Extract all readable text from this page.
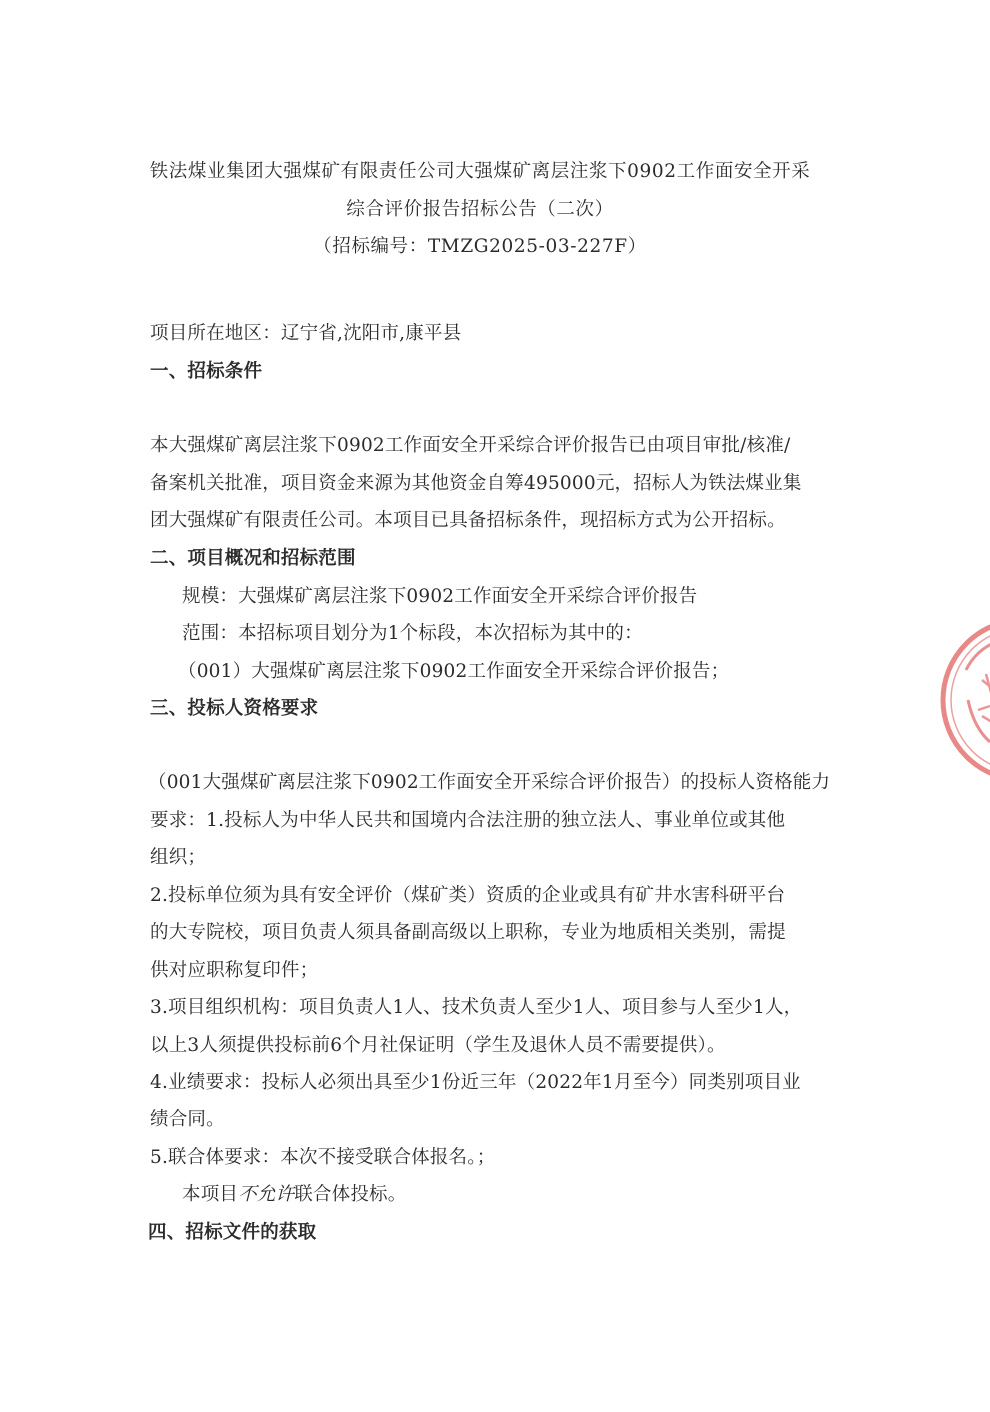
铁法煤业集团大强煤矿有限责任公司大强煤矿离层注浆下0902工作面安全开采
综合评价报告招标公告（二次）
（招标编号：TMZG2025-03-227F）
项目所在地区：辽宁省,沈阳市,康平县
一、招标条件
本大强煤矿离层注浆下0902工作面安全开采综合评价报告已由项目审批/核准/
备案机关批准，项目资金来源为其他资金自筹495000元，招标人为铁法煤业集
团大强煤矿有限责任公司。本项目已具备招标条件，现招标方式为公开招标。
二、项目概况和招标范围
规模：大强煤矿离层注浆下0902工作面安全开采综合评价报告
范围：本招标项目划分为1个标段，本次招标为其中的：
（001）大强煤矿离层注浆下0902工作面安全开采综合评价报告；
三、投标人资格要求
（001大强煤矿离层注浆下0902工作面安全开采综合评价报告）的投标人资格能力
要求：1.投标人为中华人民共和国境内合法注册的独立法人、事业单位或其他
组织；
2.投标单位须为具有安全评价（煤矿类）资质的企业或具有矿井水害科研平台
的大专院校，项目负责人须具备副高级以上职称，专业为地质相关类别，需提
供对应职称复印件；
3.项目组织机构：项目负责人1人、技术负责人至少1人、项目参与人至少1人，
以上3人须提供投标前6个月社保证明（学生及退休人员不需要提供）。
4.业绩要求：投标人必须出具至少1份近三年（2022年1月至今）同类别项目业
绩合同。
5.联合体要求：本次不接受联合体报名。；
本项目不允许联合体投标。
四、招标文件的获取
